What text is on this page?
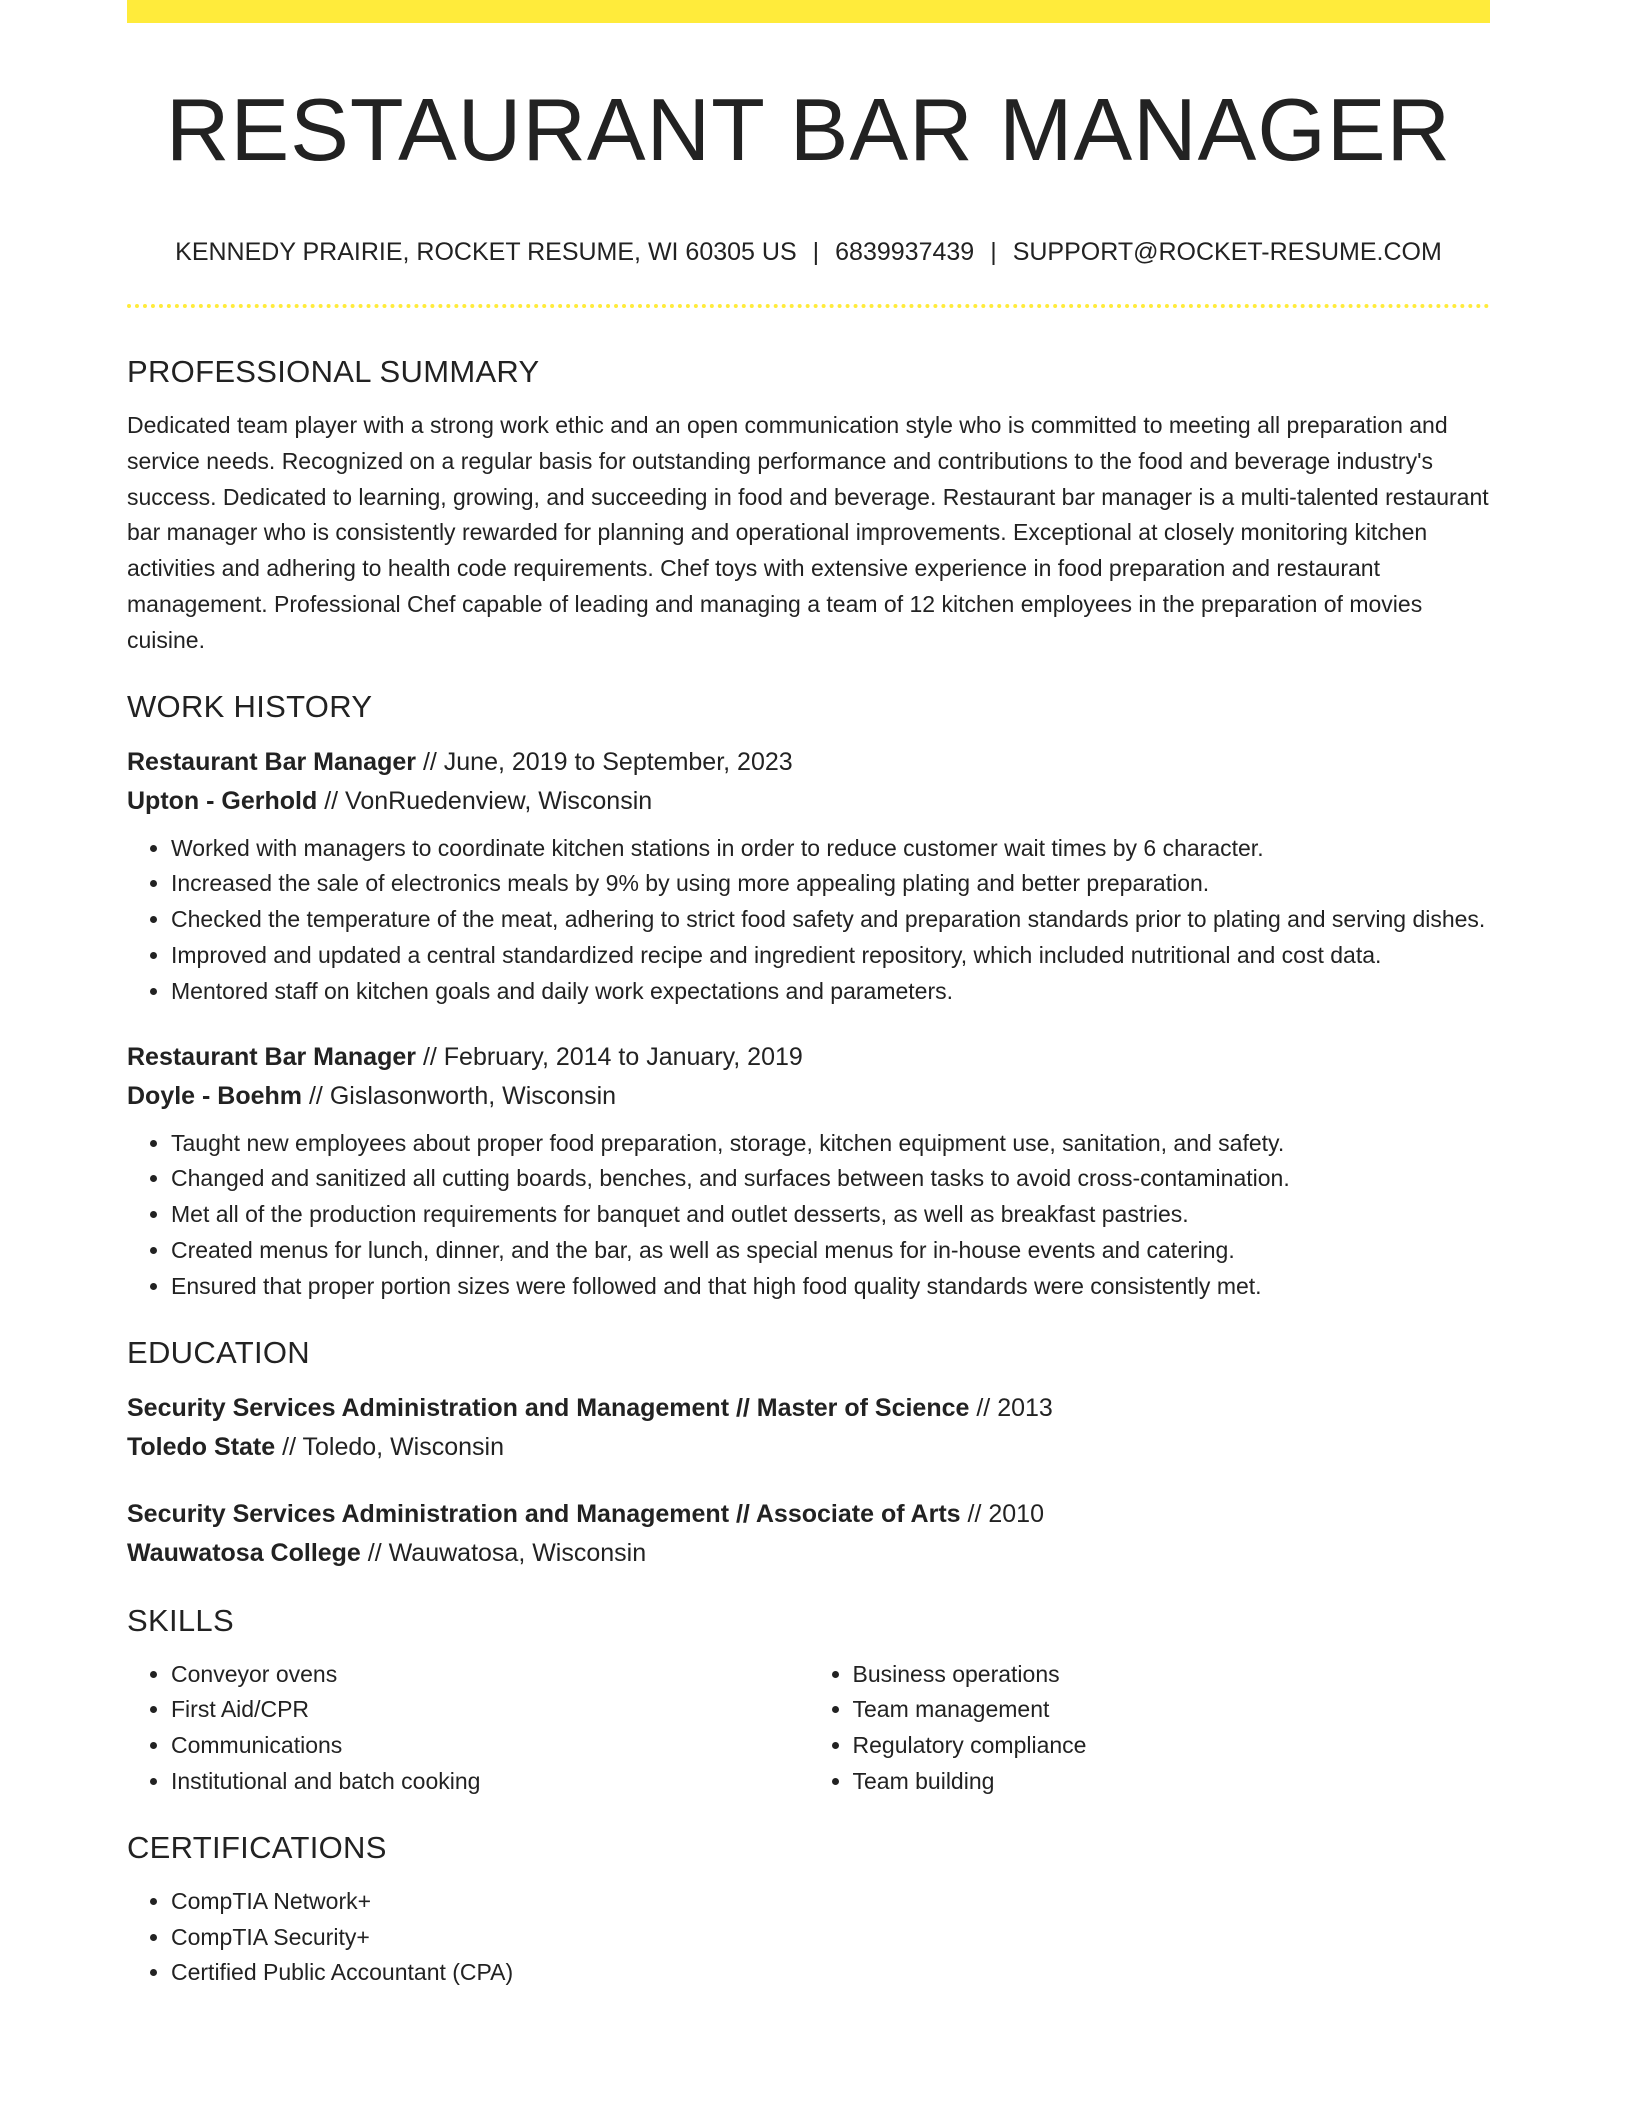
RESTAURANT BAR MANAGER
KENNEDY PRAIRIE, ROCKET RESUME, WI 60305 US | 6839937439 | SUPPORT@ROCKET-RESUME.COM
PROFESSIONAL SUMMARY

Dedicated team player with a strong work ethic and an open communication style who is committed to meeting all preparation and service needs. Recognized on a regular basis for outstanding performance and contributions to the food and beverage industry's success. Dedicated to learning, growing, and succeeding in food and beverage. Restaurant bar manager is a multi-talented restaurant bar manager who is consistently rewarded for planning and operational improvements. Exceptional at closely monitoring kitchen activities and adhering to health code requirements. Chef toys with extensive experience in food preparation and restaurant management. Professional Chef capable of leading and managing a team of 12 kitchen employees in the preparation of movies cuisine.

WORK HISTORY
Restaurant Bar Manager // June, 2019 to September, 2023
Upton - Gerhold // VonRuedenview, Wisconsin
• Worked with managers to coordinate kitchen stations in order to reduce customer wait times by 6 character.
• Increased the sale of electronics meals by 9% by using more appealing plating and better preparation.
• Checked the temperature of the meat, adhering to strict food safety and preparation standards prior to plating and serving dishes.
• Improved and updated a central standardized recipe and ingredient repository, which included nutritional and cost data.
• Mentored staff on kitchen goals and daily work expectations and parameters.
Restaurant Bar Manager // February, 2014 to January, 2019
Doyle - Boehm // Gislasonworth, Wisconsin
• Taught new employees about proper food preparation, storage, kitchen equipment use, sanitation, and safety.
• Changed and sanitized all cutting boards, benches, and surfaces between tasks to avoid cross-contamination.
• Met all of the production requirements for banquet and outlet desserts, as well as breakfast pastries.
• Created menus for lunch, dinner, and the bar, as well as special menus for in-house events and catering.
• Ensured that proper portion sizes were followed and that high food quality standards were consistently met.
EDUCATION
Security Services Administration and Management // Master of Science // 2013
Toledo State // Toledo, Wisconsin
Security Services Administration and Management // Associate of Arts // 2010
Wauwatosa College // Wauwatosa, Wisconsin
SKILLS
• Conveyor ovens
• First Aid/CPR
• Communications
• Institutional and batch cooking
• Business operations
• Team management
• Regulatory compliance
• Team building
CERTIFICATIONS
• CompTIA Network+
• CompTIA Security+
• Certified Public Accountant (CPA)
